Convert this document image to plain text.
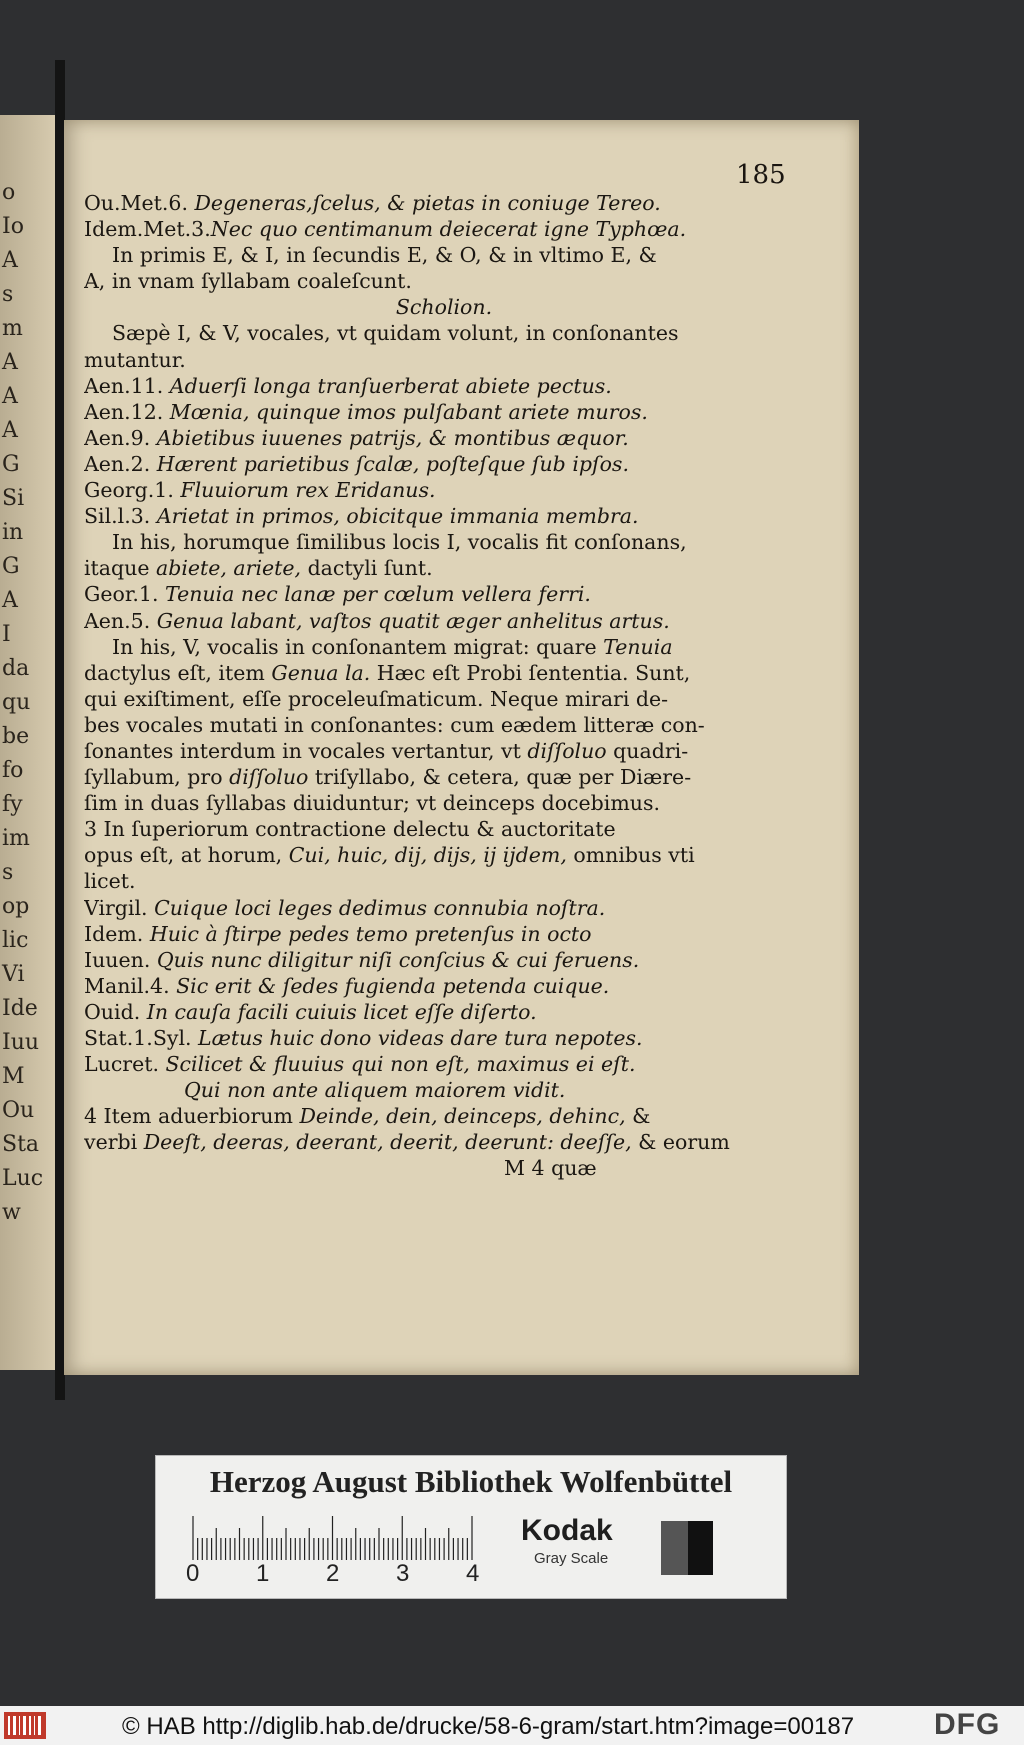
o
Io
A
s
m
A
A
A
G
Si
in
G
A
I
da
qu
be
fo
fy
im
s
op
lic
Vi
Ide
Iuu
M
Ou
Sta
Luc
w
185
Ou.Met.6. Degeneras,ſcelus, & pietas in coniuge Tereo.
Idem.Met.3.Nec quo centimanum deiecerat igne Typhœa.
In primis E, & I, in ſecundis E, & O, & in vltimo E, &
A, in vnam ſyllabam coaleſcunt.
Scholion.
Sæpè I, & V, vocales, vt quidam volunt, in conſonantes
mutantur.
Aen.11. Aduerſi longa tranſuerberat abiete pectus.
Aen.12. Mœnia, quinque imos pulſabant ariete muros.
Aen.9. Abietibus iuuenes patrijs, & montibus æquor.
Aen.2. Hærent parietibus ſcalæ, poſteſque ſub ipſos.
Georg.1. Fluuiorum rex Eridanus.
Sil.l.3. Arietat in primos, obicitque immania membra.
In his, horumque ſimilibus locis I, vocalis fit conſonans,
itaque abiete, ariete, dactyli ſunt.
Geor.1. Tenuia nec lanæ per cœlum vellera ferri.
Aen.5. Genua labant, vaſtos quatit æger anhelitus artus.
In his, V, vocalis in conſonantem migrat: quare Tenuia
dactylus eſt, item Genua la. Hæc eſt Probi ſententia. Sunt,
qui exiſtiment, eſſe proceleuſmaticum. Neque mirari de-
bes vocales mutati in conſonantes: cum eædem litteræ con-
ſonantes interdum in vocales vertantur, vt diſſoluo quadri-
ſyllabum, pro diſſoluo triſyllabo, & cetera, quæ per Diære-
ſim in duas ſyllabas diuiduntur; vt deinceps docebimus.
3 In ſuperiorum contractione delectu & auctoritate
opus eſt, at horum, Cui, huic, dij, dijs, ij ijdem, omnibus vti
licet.
Virgil. Cuique loci leges dedimus connubia noſtra.
Idem. Huic à ſtirpe pedes temo pretenſus in octo
Iuuen. Quis nunc diligitur niſi conſcius & cui feruens.
Manil.4. Sic erit & ſedes fugienda petenda cuique.
Ouid. In cauſa facili cuiuis licet eſſe diſerto.
Stat.1.Syl. Lætus huic dono videas dare tura nepotes.
Lucret. Scilicet & fluuius qui non eſt, maximus ei eſt.
Qui non ante aliquem maiorem vidit.
4 Item aduerbiorum Deinde, dein, deinceps, dehinc, &
verbi Deeſt, deeras, deerant, deerit, deerunt: deeſſe, & eorum
M 4 quæ
Herzog August Bibliothek Wolfenbüttel
0 1 2 3 4
Kodak
Gray Scale
© HAB http://diglib.hab.de/drucke/58-6-gram/start.htm?image=00187	DFG
